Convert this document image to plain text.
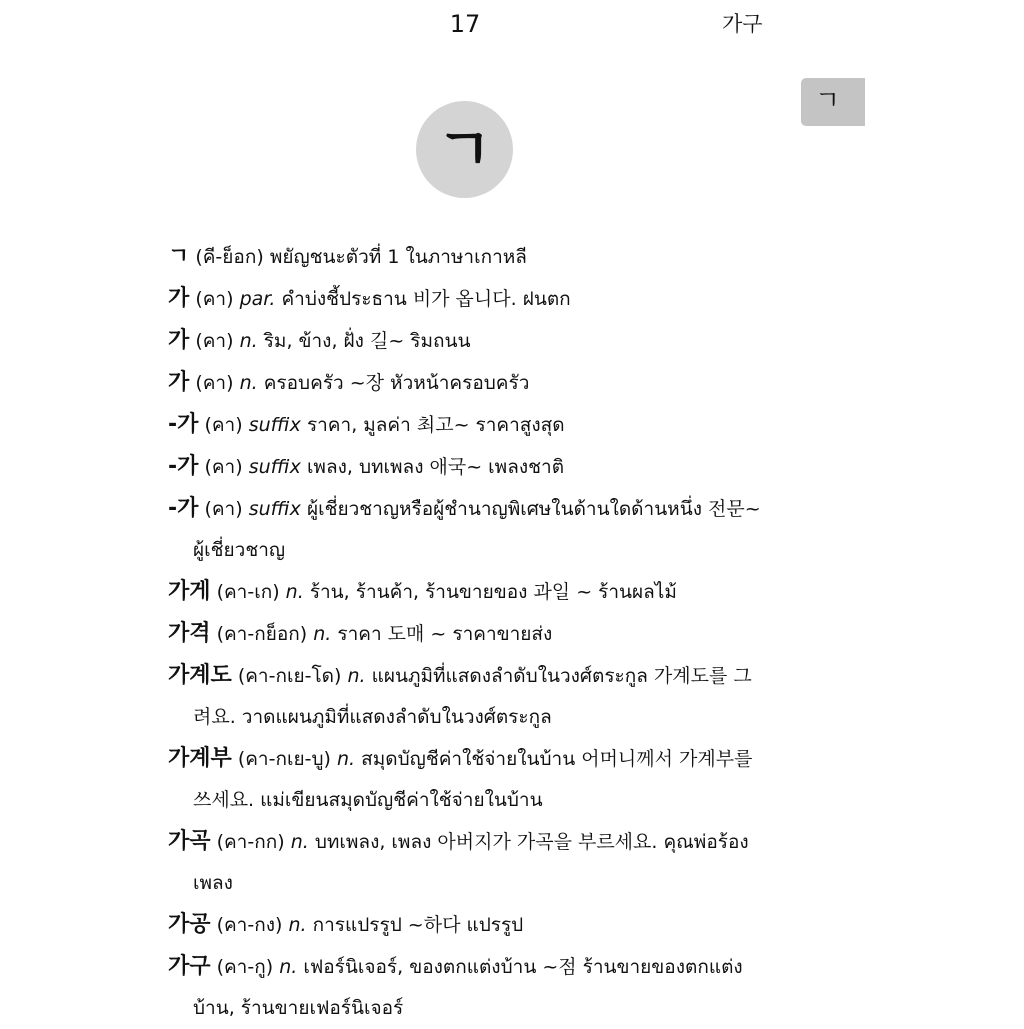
17	가구
ㄱ
ㄱ
ㄱ (คี-ย็อก) พยัญชนะตัวที่ 1 ในภาษาเกาหลี
가 (คา) par. คำบ่งชี้ประธาน 비가 옵니다. ฝนตก
가 (คา) n. ริม, ข้าง, ฝั่ง 길~ ริมถนน
가 (คา) n. ครอบครัว ~장 หัวหน้าครอบครัว
-가 (คา) suffix ราคา, มูลค่า 최고~ ราคาสูงสุด
-가 (คา) suffix เพลง, บทเพลง 애국~ เพลงชาติ
-가 (คา) suffix ผู้เชี่ยวชาญหรือผู้ชำนาญพิเศษในด้านใดด้านหนึ่ง 전문~ ผู้เชี่ยวชาญ
가게 (คา-เก) n. ร้าน, ร้านค้า, ร้านขายของ 과일 ~ ร้านผลไม้
가격 (คา-กย็อก) n. ราคา 도매 ~ ราคาขายส่ง
가계도 (คา-กเย-โด) n. แผนภูมิที่แสดงลำดับในวงศ์ตระกูล 가계도를 그려요. วาดแผนภูมิที่แสดงลำดับในวงศ์ตระกูล
가계부 (คา-กเย-บู) n. สมุดบัญชีค่าใช้จ่ายในบ้าน 어머니께서 가계부를 쓰세요. แม่เขียนสมุดบัญชีค่าใช้จ่ายในบ้าน
가곡 (คา-กก) n. บทเพลง, เพลง 아버지가 가곡을 부르세요. คุณพ่อร้องเพลง
가공 (คา-กง) n. การแปรรูป ~하다 แปรรูป
가구 (คา-กู) n. เฟอร์นิเจอร์, ของตกแต่งบ้าน ~점 ร้านขายของตกแต่งบ้าน, ร้านขายเฟอร์นิเจอร์
